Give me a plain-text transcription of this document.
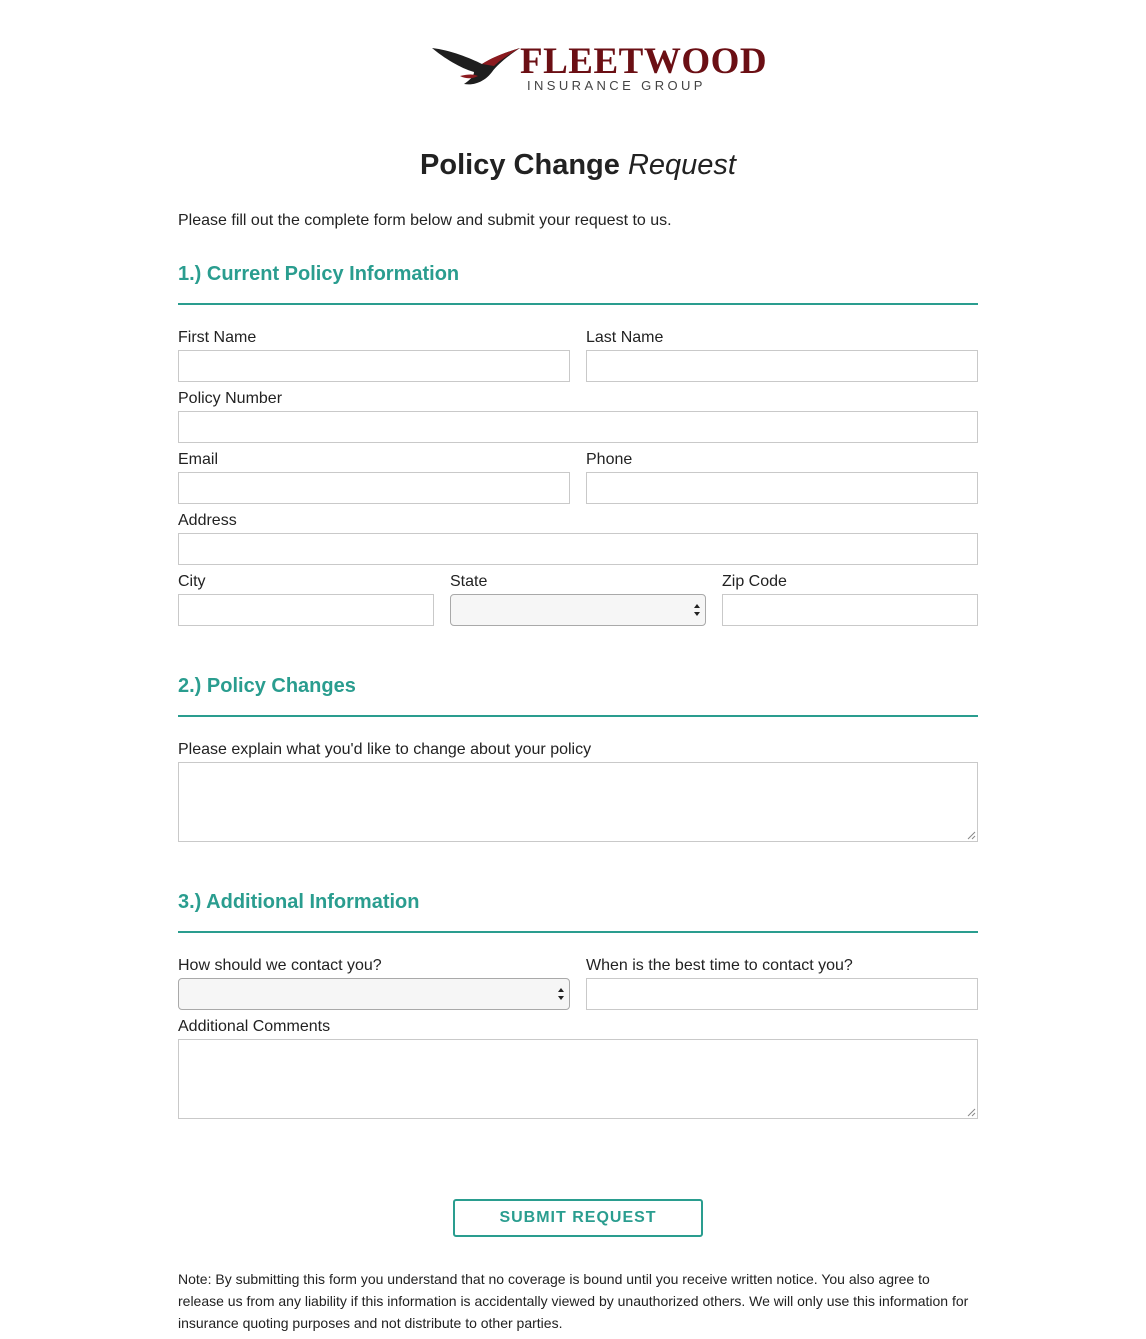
FLEETWOOD
INSURANCE GROUP
Policy Change Request
Please fill out the complete form below and submit your request to us.
1.) Current Policy Information
First Name	Last Name
Policy Number
Email	Phone
Address
City	State	Zip Code
2.) Policy Changes
Please explain what you'd like to change about your policy
3.) Additional Information
How should we contact you?	When is the best time to contact you?
Additional Comments
SUBMIT REQUEST
Note: By submitting this form you understand that no coverage is bound until you receive written notice. You also agree to release us from any liability if this information is accidentally viewed by unauthorized others. We will only use this information for insurance quoting purposes and not distribute to other parties.
